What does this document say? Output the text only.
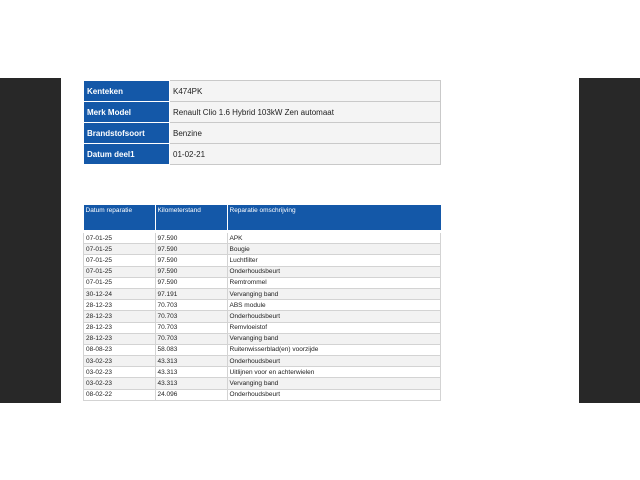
Kenteken	K474PK
Merk Model	Renault Clio 1.6 Hybrid 103kW Zen automaat
Brandstofsoort	Benzine
Datum deel1	01-02-21
Datum reparatie	Kilometerstand	Reparatie omschrijving

07-01-25	97.590	APK
07-01-25	97.590	Bougie
07-01-25	97.590	Luchtfilter
07-01-25	97.590	Onderhoudsbeurt
07-01-25	97.590	Remtrommel
30-12-24	97.191	Vervanging band
28-12-23	70.703	ABS module
28-12-23	70.703	Onderhoudsbeurt
28-12-23	70.703	Remvloeistof
28-12-23	70.703	Vervanging band
08-08-23	58.083	Ruitenwisserblad(en) voorzijde
03-02-23	43.313	Onderhoudsbeurt
03-02-23	43.313	Uitlijnen voor en achterwielen
03-02-23	43.313	Vervanging band
08-02-22	24.096	Onderhoudsbeurt
